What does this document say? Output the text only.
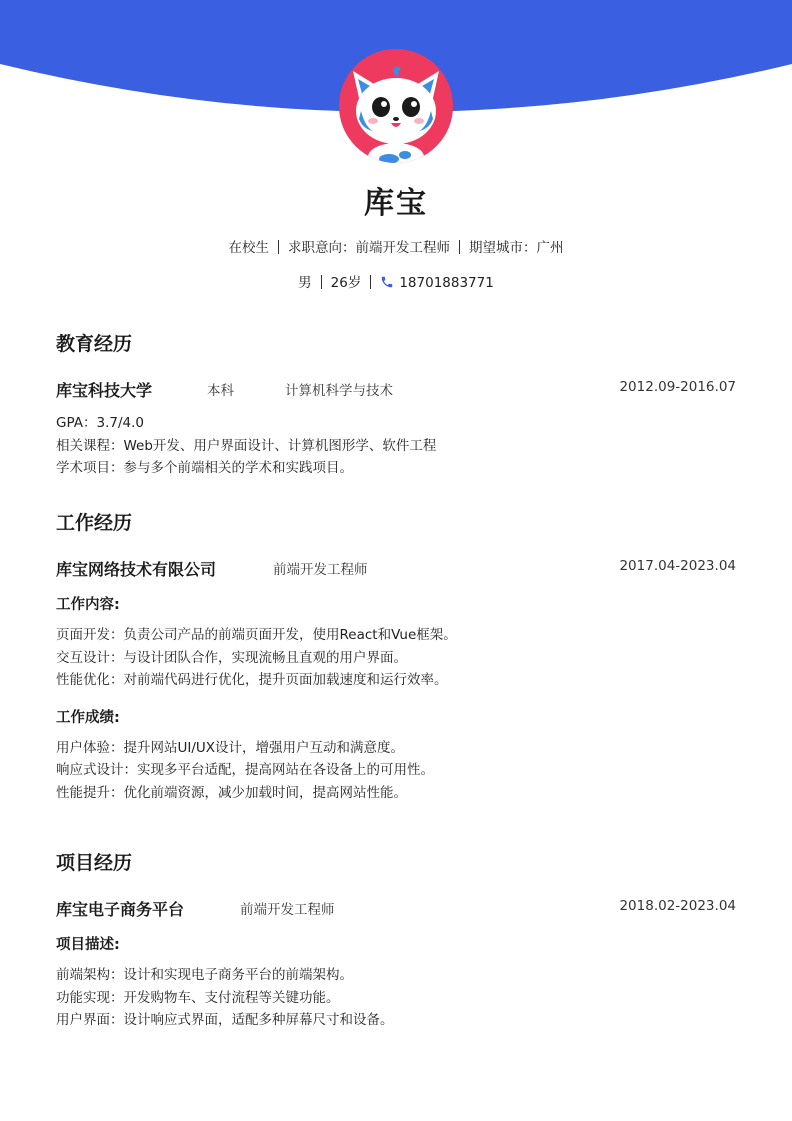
库宝
在校生 求职意向：前端开发工程师 期望城市：广州
男 26岁	18701883771
教育经历
库宝科技大学	本科	计算机科学与技术	2012.09-2016.07
GPA：3.7/4.0
相关课程：Web开发、用户界面设计、计算机图形学、软件工程
学术项目：参与多个前端相关的学术和实践项目。
工作经历
库宝网络技术有限公司	前端开发工程师	2017.04-2023.04
工作内容:
页面开发：负责公司产品的前端页面开发，使用React和Vue框架。
交互设计：与设计团队合作，实现流畅且直观的用户界面。
性能优化：对前端代码进行优化，提升页面加载速度和运行效率。
工作成绩:
用户体验：提升网站UI/UX设计，增强用户互动和满意度。
响应式设计：实现多平台适配，提高网站在各设备上的可用性。
性能提升：优化前端资源，减少加载时间，提高网站性能。
项目经历
库宝电子商务平台	前端开发工程师	2018.02-2023.04
项目描述:
前端架构：设计和实现电子商务平台的前端架构。
功能实现：开发购物车、支付流程等关键功能。
用户界面：设计响应式界面，适配多种屏幕尺寸和设备。
